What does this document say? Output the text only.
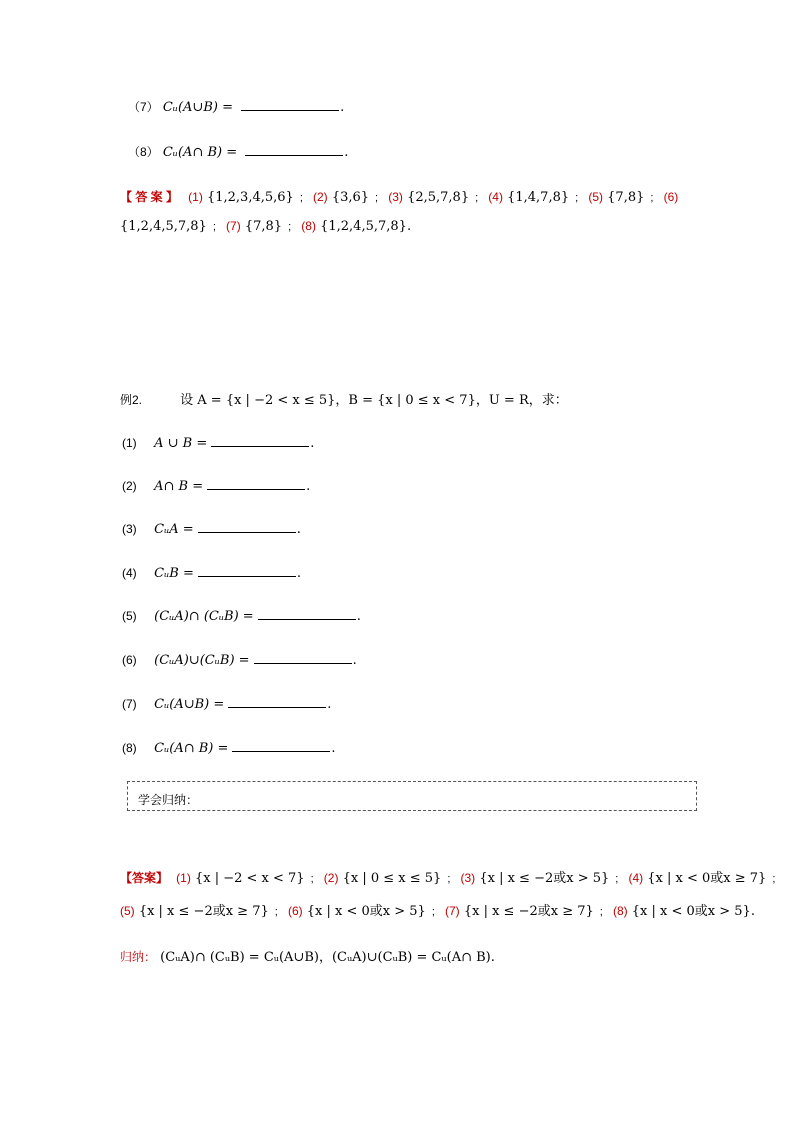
（7） Cᵤ(A∪B) =	.
（8） Cᵤ(A∩ B) =	.
【 答 案 】 (1) {1,2,3,4,5,6} ; (2) {3,6} ; (3) {2,5,7,8} ; (4) {1,4,7,8} ; (5) {7,8} ; (6)
{1,2,4,5,7,8} ; (7) {7,8} ; (8) {1,2,4,5,7,8}.
例2.	设 A = {x | −2 < x ≤ 5}，B = {x | 0 ≤ x < 7}，U = R，求：
(1) A ∪ B =	.
(2) A∩ B =	.
(3) CᵤA =	.
(4) CᵤB =	.
(5) (CᵤA)∩ (CᵤB) =	.
(6) (CᵤA)∪(CᵤB) =	.
(7) Cᵤ(A∪B) =	.
(8) Cᵤ(A∩ B) =	.
学会归纳：
【答案】 (1) {x | −2 < x < 7} ; (2) {x | 0 ≤ x ≤ 5} ; (3) {x | x ≤ −2或x > 5} ; (4) {x | x < 0或x ≥ 7} ;
(5) {x | x ≤ −2或x ≥ 7} ; (6) {x | x < 0或x > 5} ; (7) {x | x ≤ −2或x ≥ 7} ; (8) {x | x < 0或x > 5}.
归纳： (CᵤA)∩ (CᵤB) = Cᵤ(A∪B)，(CᵤA)∪(CᵤB) = Cᵤ(A∩ B).
